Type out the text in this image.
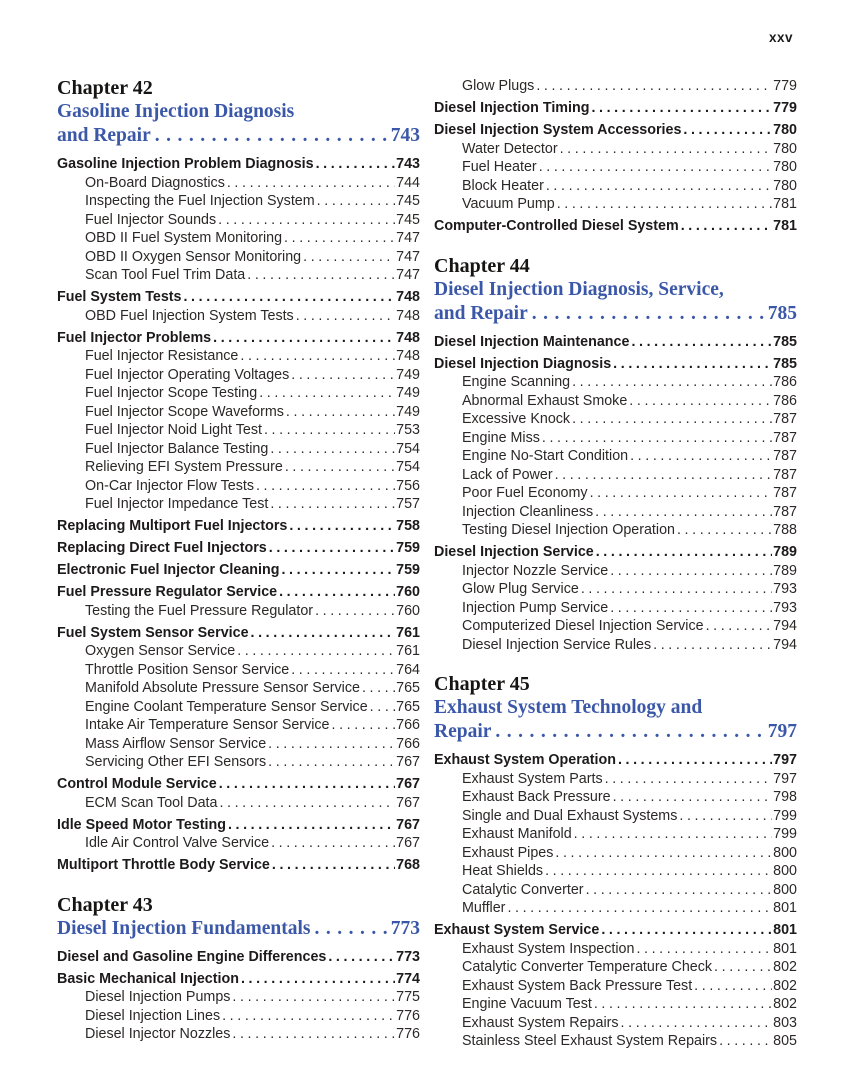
xxv
Chapter 42
Gasoline Injection Diagnosis
and Repair .....	743
Gasoline Injection Problem Diagnosis .....	743
On-Board Diagnostics .....	744
Inspecting the Fuel Injection System .....	745
Fuel Injector Sounds .....	745
OBD II Fuel System Monitoring .....	747
OBD II Oxygen Sensor Monitoring .....	747
Scan Tool Fuel Trim Data .....	747
Fuel System Tests .....	748
OBD Fuel Injection System Tests .....	748
Fuel Injector Problems .....	748
Fuel Injector Resistance .....	748
Fuel Injector Operating Voltages .....	749
Fuel Injector Scope Testing .....	749
Fuel Injector Scope Waveforms .....	749
Fuel Injector Noid Light Test .....	753
Fuel Injector Balance Testing .....	754
Relieving EFI System Pressure .....	754
On-Car Injector Flow Tests .....	756
Fuel Injector Impedance Test .....	757
Replacing Multiport Fuel Injectors .....	758
Replacing Direct Fuel Injectors .....	759
Electronic Fuel Injector Cleaning .....	759
Fuel Pressure Regulator Service .....	760
Testing the Fuel Pressure Regulator .....	760
Fuel System Sensor Service .....	761
Oxygen Sensor Service .....	761
Throttle Position Sensor Service .....	764
Manifold Absolute Pressure Sensor Service .....	765
Engine Coolant Temperature Sensor Service ..... 765
Intake Air Temperature Sensor Service .....	766
Mass Airflow Sensor Service .....	766
Servicing Other EFI Sensors .....	767
Control Module Service .....	767
ECM Scan Tool Data .....	767
Idle Speed Motor Testing .....	767
Idle Air Control Valve Service .....	767
Multiport Throttle Body Service .....	768
Chapter 43
Diesel Injection Fundamentals .....	773
Diesel and Gasoline Engine Differences .....	773
Basic Mechanical Injection .....	774
Diesel Injection Pumps .....	775
Diesel Injection Lines .....	776
Diesel Injector Nozzles .....	776
Glow Plugs .....	779
Diesel Injection Timing .....	779
Diesel Injection System Accessories .....	780
Water Detector .....	780
Fuel Heater .....	780
Block Heater .....	780
Vacuum Pump .....	781
Computer-Controlled Diesel System .....	781
Chapter 44
Diesel Injection Diagnosis, Service,
and Repair .....	785
Diesel Injection Maintenance .....	785
Diesel Injection Diagnosis .....	785
Engine Scanning .....	786
Abnormal Exhaust Smoke .....	786
Excessive Knock .....	787
Engine Miss .....	787
Engine No-Start Condition .....	787
Lack of Power .....	787
Poor Fuel Economy .....	787
Injection Cleanliness .....	787
Testing Diesel Injection Operation .....	788
Diesel Injection Service .....	789
Injector Nozzle Service .....	789
Glow Plug Service .....	793
Injection Pump Service .....	793
Computerized Diesel Injection Service .....	794
Diesel Injection Service Rules .....	794
Chapter 45
Exhaust System Technology and
Repair .....	797
Exhaust System Operation .....	797
Exhaust System Parts .....	797
Exhaust Back Pressure .....	798
Single and Dual Exhaust Systems .....	799
Exhaust Manifold .....	799
Exhaust Pipes .....	800
Heat Shields .....	800
Catalytic Converter .....	800
Muffler .....	801
Exhaust System Service .....	801
Exhaust System Inspection .....	801
Catalytic Converter Temperature Check .....	802
Exhaust System Back Pressure Test .....	802
Engine Vacuum Test .....	802
Exhaust System Repairs .....	803
Stainless Steel Exhaust System Repairs .....	805
